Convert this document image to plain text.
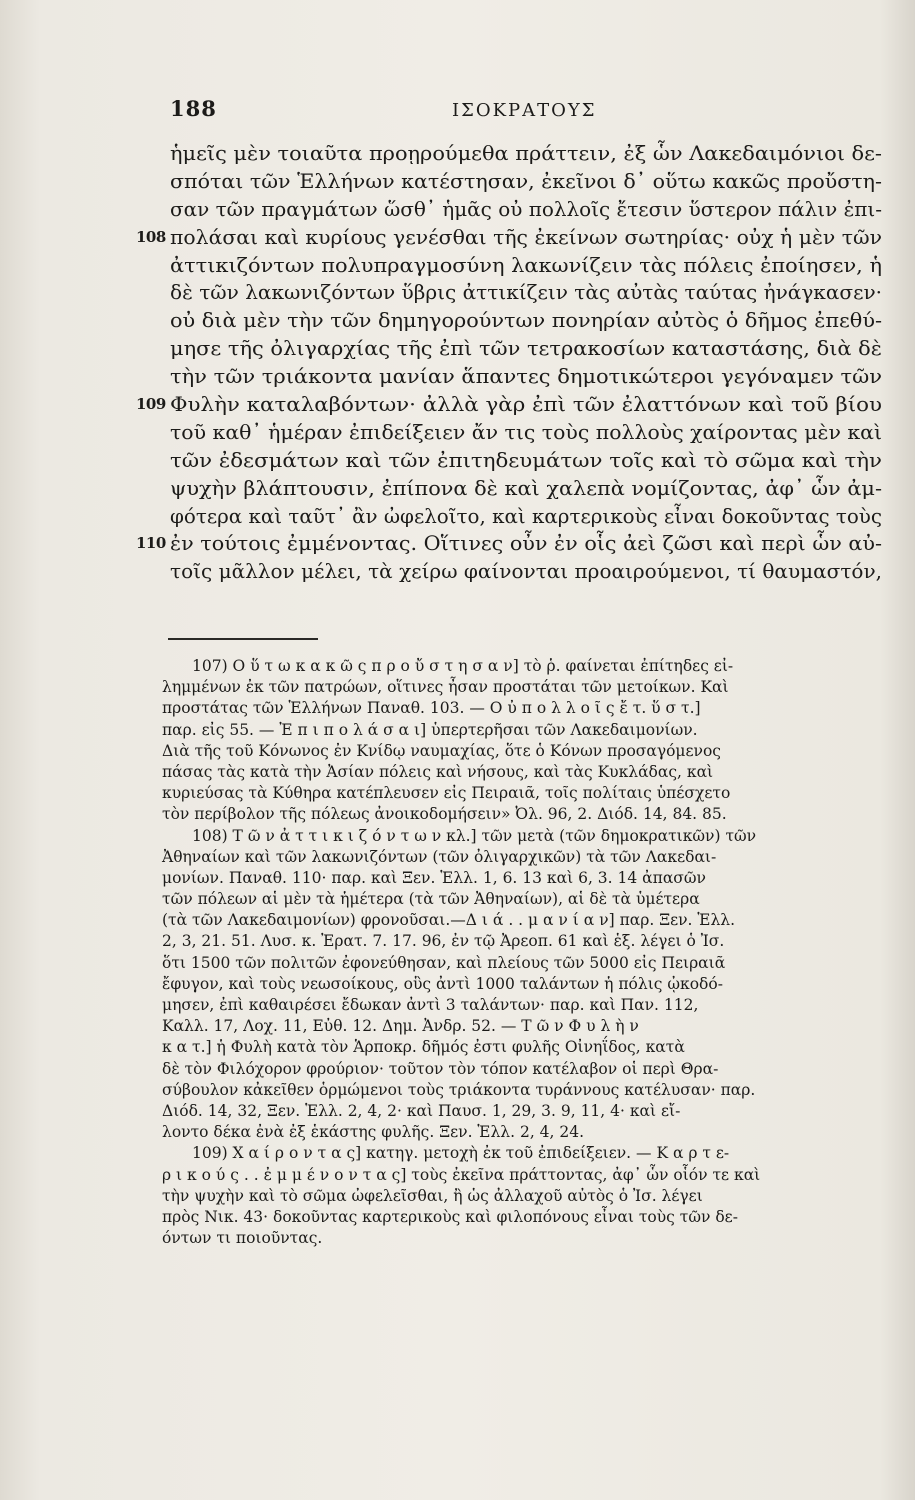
188	ΙΣΟΚΡΑΤΟΥΣ
ἡμεῖς μὲν τοιαῦτα προῃρούμεθα πράττειν, ἐξ ὧν Λακεδαιμόνιοι δε-
σπόται τῶν Ἑλλήνων κατέστησαν, ἐκεῖνοι δ᾽ οὕτω κακῶς προὔστη-
σαν τῶν πραγμάτων ὥσθ᾽ ἡμᾶς οὐ πολλοῖς ἔτεσιν ὕστερον πάλιν ἐπι-
108 πολάσαι καὶ κυρίους γενέσθαι τῆς ἐκείνων σωτηρίας· οὐχ ἡ μὲν τῶν
ἀττικιζόντων πολυπραγμοσύνη λακωνίζειν τὰς πόλεις ἐποίησεν, ἡ
δὲ τῶν λακωνιζόντων ὕβρις ἀττικίζειν τὰς αὐτὰς ταύτας ἠνάγκασεν·
οὐ διὰ μὲν τὴν τῶν δημηγορούντων πονηρίαν αὐτὸς ὁ δῆμος ἐπεθύ-
μησε τῆς ὀλιγαρχίας τῆς ἐπὶ τῶν τετρακοσίων καταστάσης, διὰ δὲ
τὴν τῶν τριάκοντα μανίαν ἅπαντες δημοτικώτεροι γεγόναμεν τῶν
109 Φυλὴν καταλαβόντων· ἀλλὰ γὰρ ἐπὶ τῶν ἐλαττόνων καὶ τοῦ βίου
τοῦ καθ᾽ ἡμέραν ἐπιδείξειεν ἄν τις τοὺς πολλοὺς χαίροντας μὲν καὶ
τῶν ἐδεσμάτων καὶ τῶν ἐπιτηδευμάτων τοῖς καὶ τὸ σῶμα καὶ τὴν
ψυχὴν βλάπτουσιν, ἐπίπονα δὲ καὶ χαλεπὰ νομίζοντας, ἀφ᾽ ὧν ἀμ-
φότερα καὶ ταῦτ᾽ ἂν ὠφελοῖτο, καὶ καρτερικοὺς εἶναι δοκοῦντας τοὺς
110 ἐν τούτοις ἐμμένοντας. Οἵτινες οὖν ἐν οἷς ἀεὶ ζῶσι καὶ περὶ ὧν αὐ-
τοῖς μᾶλλον μέλει, τὰ χείρω φαίνονται προαιρούμενοι, τί θαυμαστόν,
107) Ο ὕ τ ω κ α κ ῶ ς π ρ ο ὔ σ τ η σ α ν] τὸ ῥ. φαίνεται ἐπίτηδες εἰ-
λημμένων ἐκ τῶν πατρώων, οἵτινες ἦσαν προστάται τῶν μετοίκων. Καὶ
προστάτας τῶν Ἑλλήνων Παναθ. 103. — Ο ὐ π ο λ λ ο ῖ ς ἔ τ. ὕ σ τ.]
παρ. εἰς 55. — Ἐ π ι π ο λ ά σ α ι] ὑπερτερῆσαι τῶν Λακεδαιμονίων.
Διὰ τῆς τοῦ Κόνωνος ἐν Κνίδῳ ναυμαχίας, ὅτε ὁ Κόνων προσαγόμενος
πάσας τὰς κατὰ τὴν Ἀσίαν πόλεις καὶ νήσους, καὶ τὰς Κυκλάδας, καὶ
κυριεύσας τὰ Κύθηρα κατέπλευσεν εἰς Πειραιᾶ, τοῖς πολίταις ὑπέσχετο
τὸν περίβολον τῆς πόλεως ἀνοικοδομήσειν» Ὀλ. 96, 2. Διόδ. 14, 84. 85.
108) Τ ῶ ν ἀ τ τ ι κ ι ζ ό ν τ ω ν κλ.] τῶν μετὰ (τῶν δημοκρατικῶν) τῶν
Ἀθηναίων καὶ τῶν λακωνιζόντων (τῶν ὀλιγαρχικῶν) τὰ τῶν Λακεδαι-
μονίων. Παναθ. 110· παρ. καὶ Ξεν. Ἑλλ. 1, 6. 13 καὶ 6, 3. 14 ἀπασῶν
τῶν πόλεων αἱ μὲν τὰ ἡμέτερα (τὰ τῶν Ἀθηναίων), αἱ δὲ τὰ ὑμέτερα
(τὰ τῶν Λακεδαιμονίων) φρονοῦσαι.—Δ ι ά . . μ α ν ί α ν] παρ. Ξεν. Ἑλλ.
2, 3, 21. 51. Λυσ. κ. Ἐρατ. 7. 17. 96, ἐν τῷ Ἀρεοπ. 61 καὶ ἑξ. λέγει ὁ Ἰσ.
ὅτι 1500 τῶν πολιτῶν ἐφονεύθησαν, καὶ πλείους τῶν 5000 εἰς Πειραιᾶ
ἔφυγον, καὶ τοὺς νεωσοίκους, οὓς ἀντὶ 1000 ταλάντων ἡ πόλις ᾠκοδό-
μησεν, ἐπὶ καθαιρέσει ἔδωκαν ἀντὶ 3 ταλάντων· παρ. καὶ Παν. 112,
Καλλ. 17, Λοχ. 11, Εὐθ. 12. Δημ. Ἀνδρ. 52. — Τ ῶ ν Φ υ λ ὴ ν
κ α τ.] ἡ Φυλὴ κατὰ τὸν Ἁρποκρ. δῆμός ἐστι φυλῆς Οἰνηΐδος, κατὰ
δὲ τὸν Φιλόχορον φρούριον· τοῦτον τὸν τόπον κατέλαβον οἱ περὶ Θρα-
σύβουλον κἀκεῖθεν ὁρμώμενοι τοὺς τριάκοντα τυράννους κατέλυσαν· παρ.
Διόδ. 14, 32, Ξεν. Ἑλλ. 2, 4, 2· καὶ Παυσ. 1, 29, 3. 9, 11, 4· καὶ εἴ-
λοντο δέκα ἐνὰ ἐξ ἑκάστης φυλῆς. Ξεν. Ἑλλ. 2, 4, 24.
109) Χ α ί ρ ο ν τ α ς] κατηγ. μετοχὴ ἐκ τοῦ ἐπιδείξειεν. — Κ α ρ τ ε-
ρ ι κ ο ύ ς . . ἐ μ μ έ ν ο ν τ α ς] τοὺς ἐκεῖνα πράττοντας, ἀφ᾽ ὧν οἷόν τε καὶ
τὴν ψυχὴν καὶ τὸ σῶμα ὠφελεῖσθαι, ἢ ὡς ἀλλαχοῦ αὐτὸς ὁ Ἰσ. λέγει
πρὸς Νικ. 43· δοκοῦντας καρτερικοὺς καὶ φιλοπόνους εἶναι τοὺς τῶν δε-
όντων τι ποιοῦντας.
